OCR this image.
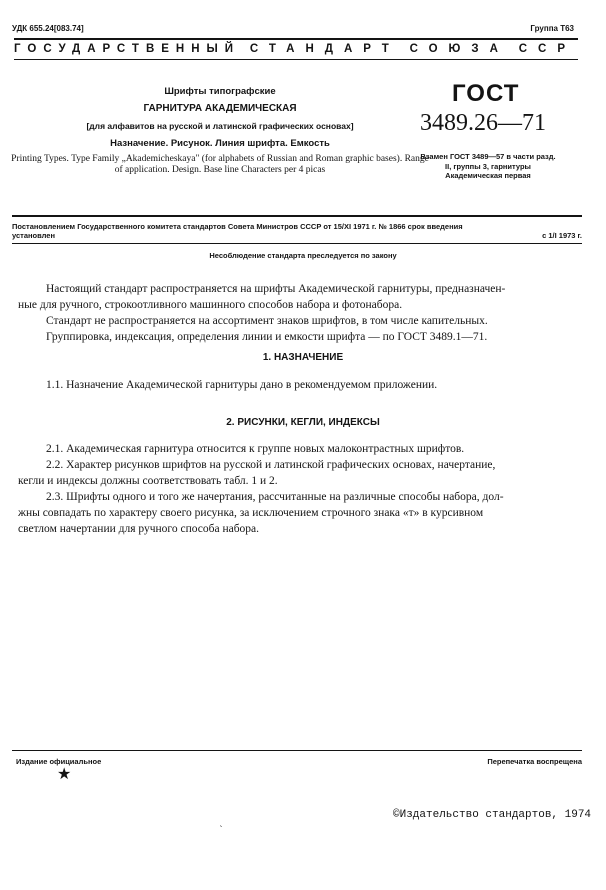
УДК 655.24[083.74]	Группа Т63
ГОСУДАРСТВЕННЫЙ СТАНДАРТ СОЮЗА ССР
Шрифты типографские
ГАРНИТУРА АКАДЕМИЧЕСКАЯ
[для алфавитов на русской и латинской графических основах]
Назначение. Рисунок. Линия шрифта. Емкость
Printing Types. Type Family „Akademicheskaya" (for alphabets of Russian and Roman graphic bases). Range of application. Design. Base line Characters per 4 picas
ГОСТ
3489.26—71
Взамен ГОСТ 3489—57 в части разд. II, группы 3, гарнитуры Академическая первая
Постановлением Государственного комитета стандартов Совета Министров СССР от 15/XI 1971 г. № 1866 срок введения
установлен	с 1/I 1973 г.
Несоблюдение стандарта преследуется по закону
Настоящий стандарт распространяется на шрифты Академической гарнитуры, предназначен-
ные для ручного, строкоотливного машинного способов набора и фотонабора.
Стандарт не распространяется на ассортимент знаков шрифтов, в том числе капительных.
Группировка, индексация, определения линии и емкости шрифта — по ГОСТ 3489.1—71.
1. НАЗНАЧЕНИЕ
1.1. Назначение Академической гарнитуры дано в рекомендуемом приложении.
2. РИСУНКИ, КЕГЛИ, ИНДЕКСЫ
2.1. Академическая гарнитура относится к группе новых малоконтрастных шрифтов.
2.2. Характер рисунков шрифтов на русской и латинской графических основах, начертание,
кегли и индексы должны соответствовать табл. 1 и 2.
2.3. Шрифты одного и того же начертания, рассчитанные на различные способы набора, дол-
жны совпадать по характеру своего рисунка, за исключением строчного знака «т» в курсивном
светлом начертании для ручного способа набора.
Издание официальное	Перепечатка воспрещена
★
©Издательство стандартов, 1974
՝
